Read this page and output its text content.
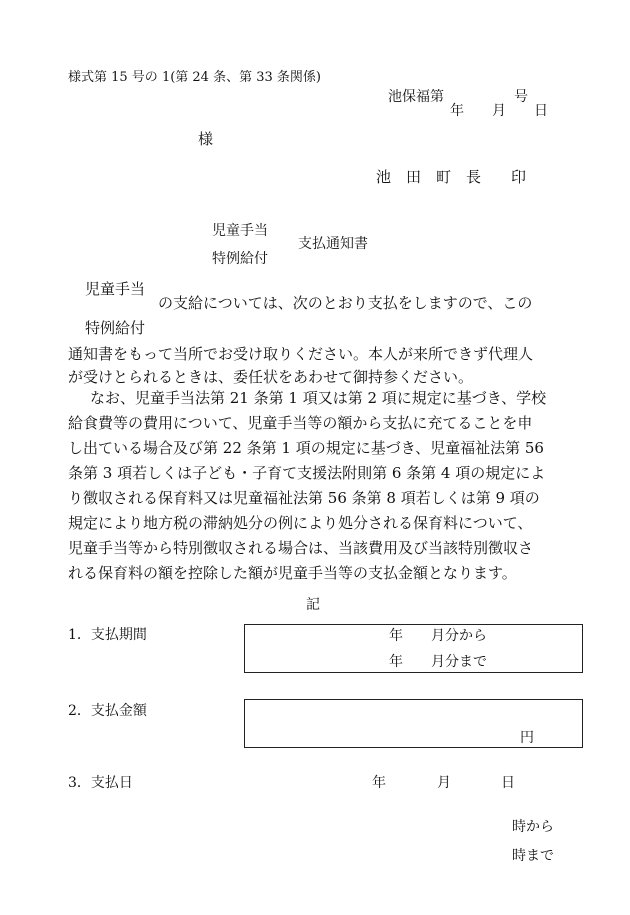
様式第 15 号の 1(第 24 条、第 33 条関係)

池保福第　　　　　号

年　　月　　日

様

池　田　町　長　　印

児童手当

支払通知書

特例給付

児童手当

の支給については、次のとおり支払をしますので、この

特例給付

通知書をもって当所でお受け取りください。本人が来所できず代理人

が受けとられるときは、委任状をあわせて御持参ください。

なお、児童手当法第 21 条第 1 項又は第 2 項に規定に基づき、学校

給食費等の費用について、児童手当等の額から支払に充てることを申

し出ている場合及び第 22 条第 1 項の規定に基づき、児童福祉法第 56

条第 3 項若しくは子ども・子育て支援法附則第 6 条第 4 項の規定によ

り徴収される保育料又は児童福祉法第 56 条第 8 項若しくは第 9 項の

規定により地方税の滞納処分の例により処分される保育料について、

児童手当等から特別徴収される場合は、当該費用及び当該特別徴収さ

れる保育料の額を控除した額が児童手当等の支払金額となります。

記

1．支払期間	年　　月分から

年　　月分まで

2．支払金額

円

3．支払日	年	月	日

時から

時まで
